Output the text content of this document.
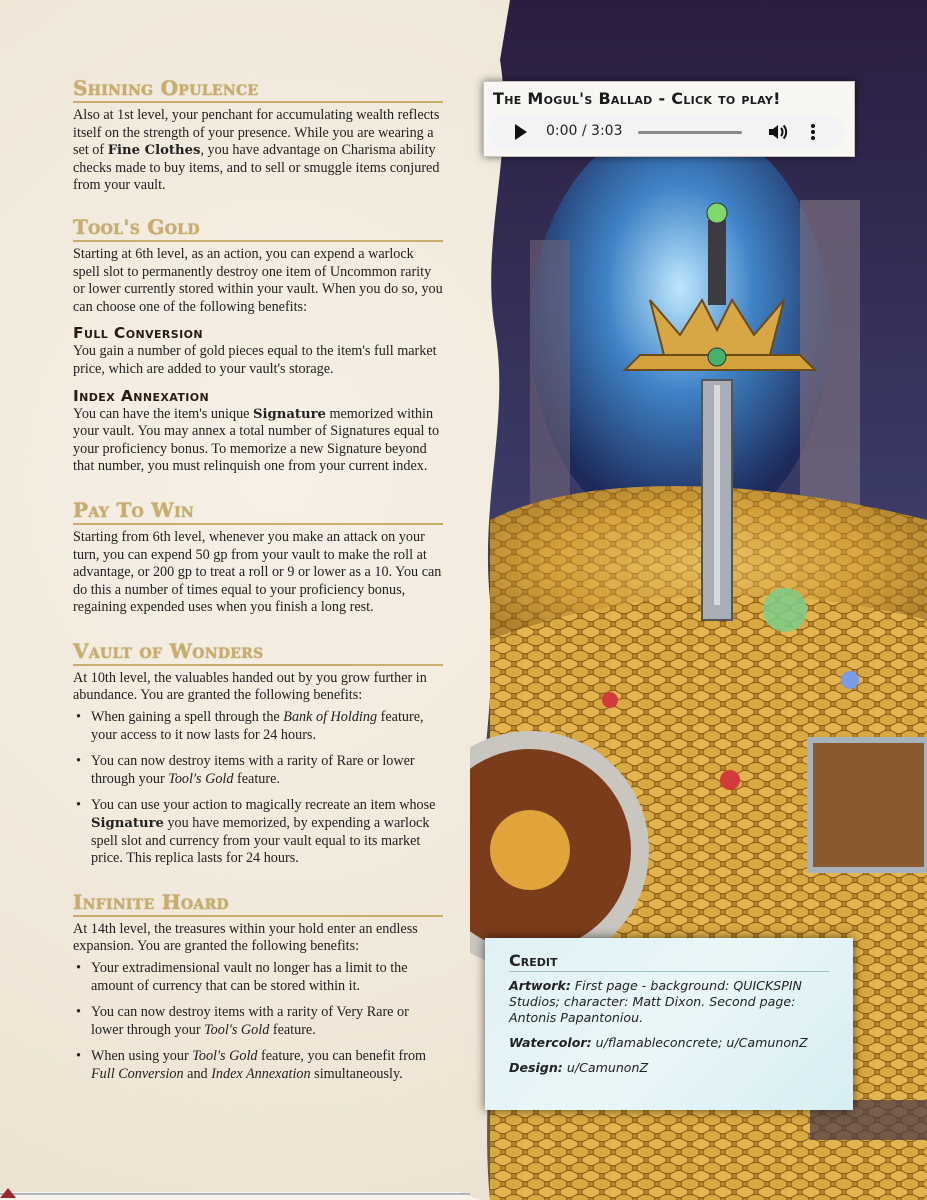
Shining Opulence

Also at 1st level, your penchant for accumulating wealth reflects itself on the strength of your presence. While you are wearing a set of Fine Clothes, you have advantage on Charisma ability checks made to buy items, and to sell or smuggle items conjured from your vault.

Tool's Gold

Starting at 6th level, as an action, you can expend a warlock spell slot to permanently destroy one item of Uncommon rarity or lower currently stored within your vault. When you do so, you can choose one of the following benefits:

Full Conversion

You gain a number of gold pieces equal to the item's full market price, which are added to your vault's storage.

Index Annexation

You can have the item's unique Signature memorized within your vault. You may annex a total number of Signatures equal to your proficiency bonus. To memorize a new Signature beyond that number, you must relinquish one from your current index.

Pay To Win

Starting from 6th level, whenever you make an attack on your turn, you can expend 50 gp from your vault to make the roll at advantage, or 200 gp to treat a roll or 9 or lower as a 10. You can do this a number of times equal to your proficiency bonus, regaining expended uses when you finish a long rest.

Vault of Wonders

At 10th level, the valuables handed out by you grow further in abundance. You are granted the following benefits:

• When gaining a spell through the Bank of Holding feature, your access to it now lasts for 24 hours.
• You can now destroy items with a rarity of Rare or lower through your Tool's Gold feature.
• You can use your action to magically recreate an item whose Signature you have memorized, by expending a warlock spell slot and currency from your vault equal to its market price. This replica lasts for 24 hours.
Infinite Hoard

At 14th level, the treasures within your hold enter an endless expansion. You are granted the following benefits:

• Your extradimensional vault no longer has a limit to the amount of currency that can be stored within it.
• You can now destroy items with a rarity of Very Rare or lower through your Tool's Gold feature.
• When using your Tool's Gold feature, you can benefit from Full Conversion and Index Annexation simultaneously.
The Mogul's Ballad - Click to play!
0:00 / 3:03
Credit
Artwork: First page - background: QUICKSPIN Studios; character: Matt Dixon. Second page: Antonis Papantoniou.
Watercolor: u/flamableconcrete; u/CamunonZ
Design: u/CamunonZ
